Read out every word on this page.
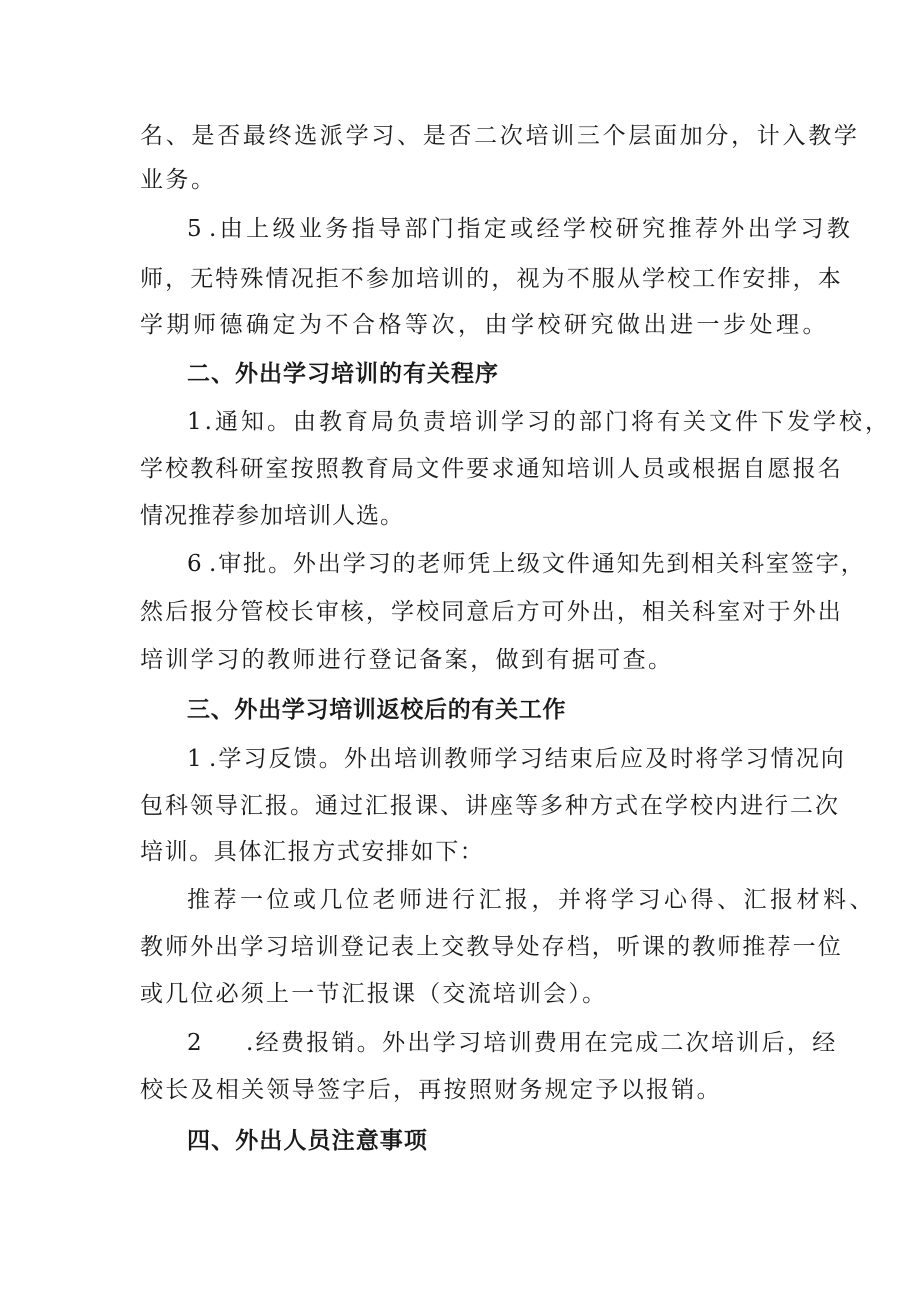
名、是否最终选派学习、是否二次培训三个层面加分，计入教学
业务。
5 .由上级业务指导部门指定或经学校研究推荐外出学习教
师，无特殊情况拒不参加培训的，视为不服从学校工作安排，本
学期师德确定为不合格等次，由学校研究做出进一步处理。
二、外出学习培训的有关程序
1.通知。由教育局负责培训学习的部门将有关文件下发学校，
学校教科研室按照教育局文件要求通知培训人员或根据自愿报名
情况推荐参加培训人选。
6 .审批。外出学习的老师凭上级文件通知先到相关科室签字，
然后报分管校长审核，学校同意后方可外出，相关科室对于外出
培训学习的教师进行登记备案，做到有据可查。
三、外出学习培训返校后的有关工作
1 .学习反馈。外出培训教师学习结束后应及时将学习情况向
包科领导汇报。通过汇报课、讲座等多种方式在学校内进行二次
培训。具体汇报方式安排如下：
推荐一位或几位老师进行汇报，并将学习心得、汇报材料、
教师外出学习培训登记表上交教导处存档，听课的教师推荐一位
或几位必须上一节汇报课（交流培训会）。
2 .经费报销。外出学习培训费用在完成二次培训后，经
校长及相关领导签字后，再按照财务规定予以报销。
四、外出人员注意事项
